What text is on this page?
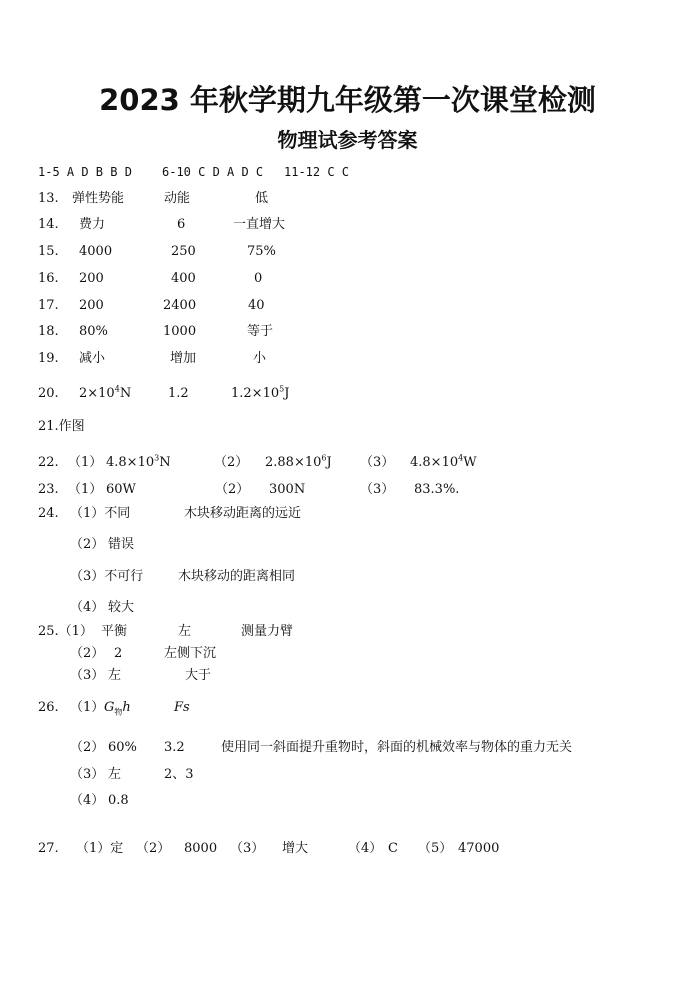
2023 年秋学期九年级第一次课堂检测
物理试参考答案
1-5 A D B B D	6-10 C D A D C 11-12 C C
13. 弹性势能	动能	低
14. 费力	6	一直增大
15. 4000	250	75%
16. 200	400	0
17. 200	2400	40
18. 80%	1000	等于
19. 减小	增加	小
20. $2\times 10^4N$	1.2	$1.2\times 10^5J$
21.作图
22. （1） $4.8\times 10^3N$	（2） $2.88\times 10^6J$ （3） $4.8\times 10^4W$
23. （1） 60W	（2） 300N	（3） 83.3%.
24. （1）不同	木块移动距离的远近
（2） 错误
（3）不可行	木块移动的距离相同
（4） 较大
25.（1） 平衡	左	测量力臂
（2） 2	左侧下沉
（3） 左	大于
26. （1） $G_物h$	Fs
（2） 60% 3.2	使用同一斜面提升重物时，斜面的机械效率与物体的重力无关
（3） 左	2、3
（4） 0.8
27. （1）定 （2） 8000 （3） 增大	（4） C （5） 47000
